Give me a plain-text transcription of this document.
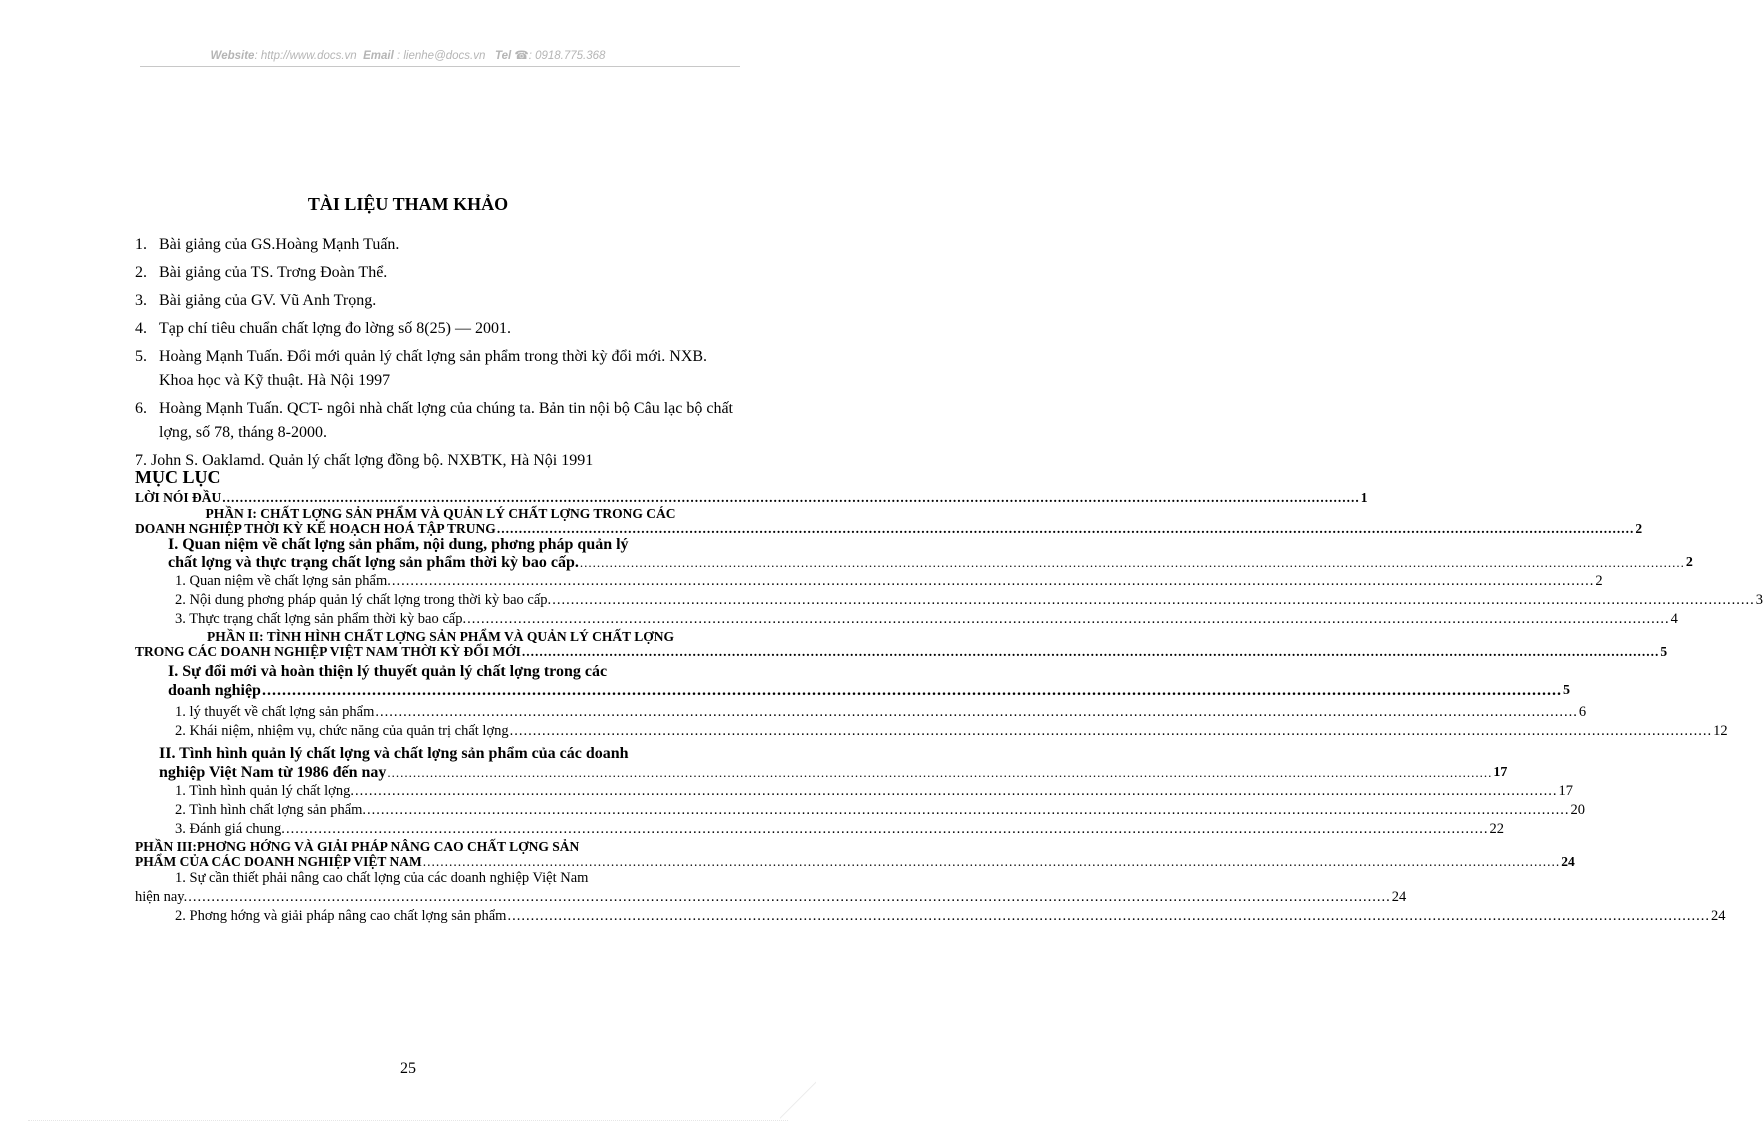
Website: http://www.docs.vn Email : lienhe@docs.vn Tel ☎: 0918.775.368
TÀI LIỆU THAM KHẢO
1. Bài giảng của GS.Hoàng Mạnh Tuấn.
2. Bài giảng của TS. Trơng Đoàn Thể.
3. Bài giảng của GV. Vũ Anh Trọng.
4. Tạp chí tiêu chuẩn chất lợng đo lờng số 8(25) — 2001.
5. Hoàng Mạnh Tuấn. Đổi mới quản lý chất lợng sản phẩm trong thời kỳ đổi mới. NXB. Khoa học và Kỹ thuật. Hà Nội 1997
6. Hoàng Mạnh Tuấn. QCT- ngôi nhà chất lợng của chúng ta. Bản tin nội bộ Câu lạc bộ chất lợng, số 78, tháng 8-2000.
7. John S. Oaklamd. Quản lý chất lợng đồng bộ. NXBTK, Hà Nội 1991
MỤC LỤC
LỜI NÓI ĐẦU .....	1
PHẦN I: CHẤT LỢNG SẢN PHẨM VÀ QUẢN LÝ CHẤT LỢNG TRONG CÁC
DOANH NGHIỆP THỜI KỲ KẾ HOẠCH HOÁ TẬP TRUNG .....	2
I. Quan niệm về chất lợng sản phẩm, nội dung, phơng pháp quản lý
chất lợng và thực trạng chất lợng sản phẩm thời kỳ bao cấp. .....	2
1. Quan niệm về chất lợng sản phẩm. .....	2
2. Nội dung phơng pháp quản lý chất lợng trong thời kỳ bao cấp. .....	3
3. Thực trạng chất lợng sản phẩm thời kỳ bao cấp. .....	4
PHẦN II: TÌNH HÌNH CHẤT LỢNG SẢN PHẨM VÀ QUẢN LÝ CHẤT LỢNG
TRONG CÁC DOANH NGHIỆP VIỆT NAM THỜI KỲ ĐỔI MỚI .....	5
I. Sự đổi mới và hoàn thiện lý thuyết quản lý chất lợng trong các
doanh nghiệp .....	5
1. lý thuyết về chất lợng sản phẩm .....	6
2. Khái niệm, nhiệm vụ, chức năng của quản trị chất lợng .....	12
II. Tình hình quản lý chất lợng và chất lợng sản phẩm của các doanh
nghiệp Việt Nam từ 1986 đến nay .....	17
1. Tình hình quản lý chất lợng. .....	17
2. Tình hình chất lợng sản phẩm. .....	20
3. Đánh giá chung. .....	22
PHẦN III:PHƠNG HỚNG VÀ GIẢI PHÁP NÂNG CAO CHẤT LỢNG SẢN
PHẨM CỦA CÁC DOANH NGHIỆP VIỆT NAM .....	24
1. Sự cần thiết phải nâng cao chất lợng của các doanh nghiệp Việt Nam
hiện nay. .....	24
2. Phơng hớng và giải pháp nâng cao chất lợng sản phẩm .....	24
25
